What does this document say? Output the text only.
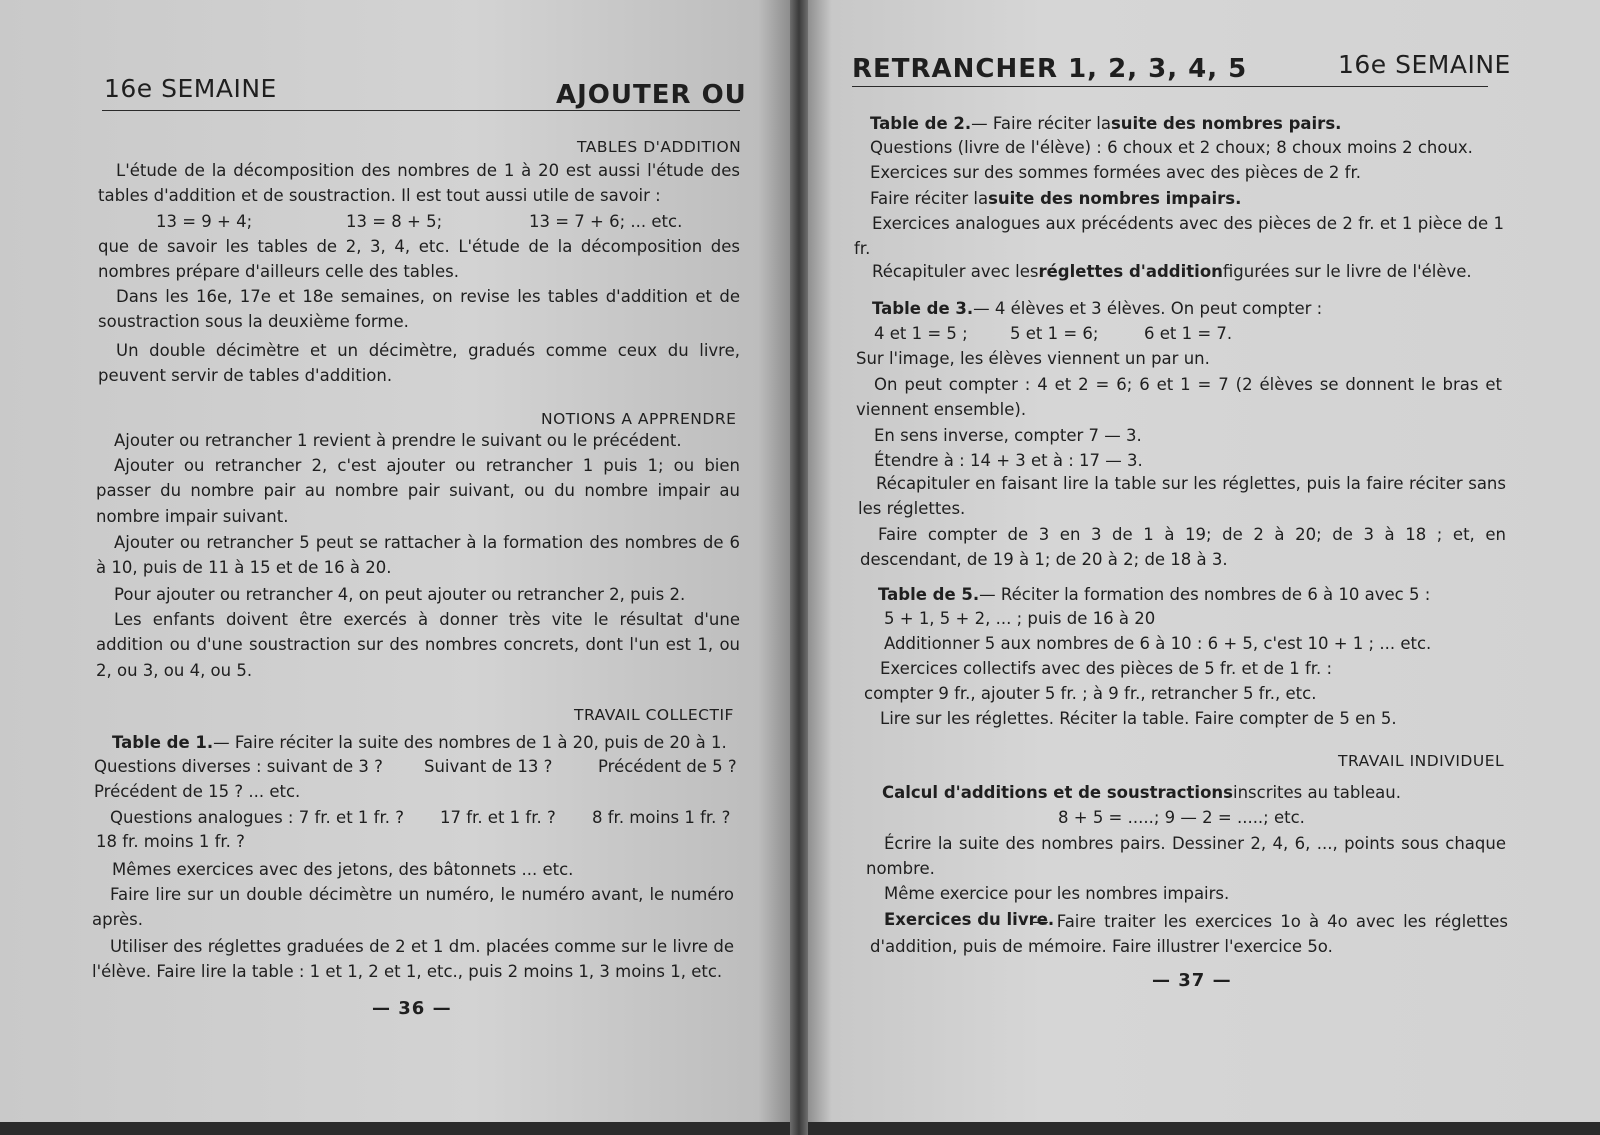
16e SEMAINE	AJOUTER OU
TABLES D'ADDITION

L'étude de la décomposition des nombres de 1 à 20 est aussi l'étude des tables d'addition et de soustraction. Il est tout aussi utile de savoir :

13 = 9 + 4;	13 = 8 + 5;	13 = 7 + 6; ... etc.

que de savoir les tables de 2, 3, 4, etc. L'étude de la décomposition des nombres prépare d'ailleurs celle des tables.

Dans les 16e, 17e et 18e semaines, on revise les tables d'addition et de soustraction sous la deuxième forme.

Un double décimètre et un décimètre, gradués comme ceux du livre, peuvent servir de tables d'addition.

NOTIONS A APPRENDRE

Ajouter ou retrancher 1 revient à prendre le suivant ou le précédent.

Ajouter ou retrancher 2, c'est ajouter ou retrancher 1 puis 1; ou bien passer du nombre pair au nombre pair suivant, ou du nombre impair au nombre impair suivant.

Ajouter ou retrancher 5 peut se rattacher à la formation des nombres de 6 à 10, puis de 11 à 15 et de 16 à 20.

Pour ajouter ou retrancher 4, on peut ajouter ou retrancher 2, puis 2.

Les enfants doivent être exercés à donner très vite le résultat d'une addition ou d'une soustraction sur des nombres concrets, dont l'un est 1, ou 2, ou 3, ou 4, ou 5.

TRAVAIL COLLECTIF
Table de 1.— Faire réciter la suite des nombres de 1 à 20, puis de 20 à 1.
Questions diverses : suivant de 3 ? Suivant de 13 ?	Précédent de 5 ?
Précédent de 15 ? ... etc.
Questions analogues : 7 fr. et 1 fr. ? 17 fr. et 1 fr. ? 8 fr. moins 1 fr. ?
18 fr. moins 1 fr. ?

Mêmes exercices avec des jetons, des bâtonnets ... etc.

Faire lire sur un double décimètre un numéro, le numéro avant, le numéro après.

Utiliser des réglettes graduées de 2 et 1 dm. placées comme sur le livre de l'élève. Faire lire la table : 1 et 1, 2 et 1, etc., puis 2 moins 1, 3 moins 1, etc.

— 36 —
RETRANCHER 1, 2, 3, 4, 5	16e SEMAINE
Table de 2.— Faire réciter lasuite des nombres pairs.
Questions (livre de l'élève) : 6 choux et 2 choux; 8 choux moins 2 choux.
Exercices sur des sommes formées avec des pièces de 2 fr.
Faire réciter lasuite des nombres impairs.

Exercices analogues aux précédents avec des pièces de 2 fr. et 1 pièce de 1 fr.

Récapituler avec lesréglettes d'additionfigurées sur le livre de l'élève.
Table de 3.— 4 élèves et 3 élèves. On peut compter :
4 et 1 = 5 ;	5 et 1 = 6;	6 et 1 = 7.
Sur l'image, les élèves viennent un par un.

On peut compter : 4 et 2 = 6; 6 et 1 = 7 (2 élèves se donnent le bras et viennent ensemble).

En sens inverse, compter 7 — 3.
Étendre à : 14 + 3 et à : 17 — 3.

Récapituler en faisant lire la table sur les réglettes, puis la faire réciter sans les réglettes.

Faire compter de 3 en 3 de 1 à 19; de 2 à 20; de 3 à 18 ; et, en descendant, de 19 à 1; de 20 à 2; de 18 à 3.

Table de 5.— Réciter la formation des nombres de 6 à 10 avec 5 :
5 + 1, 5 + 2, ... ; puis de 16 à 20
Additionner 5 aux nombres de 6 à 10 : 6 + 5, c'est 10 + 1 ; ... etc.
Exercices collectifs avec des pièces de 5 fr. et de 1 fr. :
compter 9 fr., ajouter 5 fr. ; à 9 fr., retrancher 5 fr., etc.
Lire sur les réglettes. Réciter la table. Faire compter de 5 en 5.
TRAVAIL INDIVIDUEL
Calcul d'additions et de soustractionsinscrites au tableau.
8 + 5 = .....; 9 — 2 = .....; etc.

Écrire la suite des nombres pairs. Dessiner 2, 4, 6, ..., points sous chaque nombre.

Même exercice pour les nombres impairs.
Exercices du livre.

— Faire traiter les exercices 1o à 4o avec les réglettes d'addition, puis de mémoire. Faire illustrer l'exercice 5o.

— 37 —
